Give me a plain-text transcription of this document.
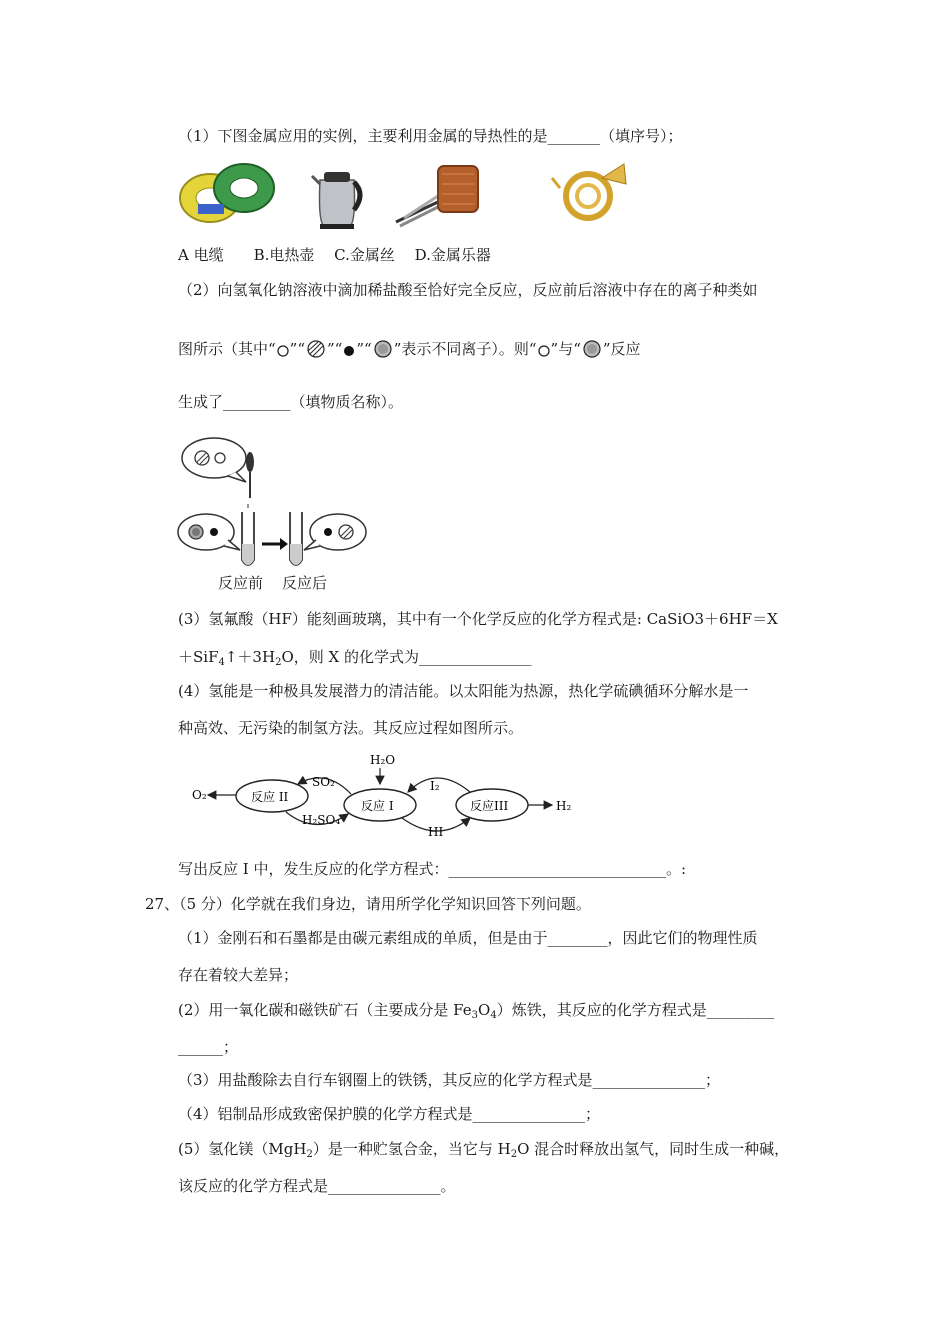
（1）下图金属应用的实例，主要利用金属的导热性的是_______（填序号）；
A 电缆　　B.电热壶　 C.金属丝　 D.金属乐器
（2）向氢氧化钠溶液中滴加稀盐酸至恰好完全反应，反应前后溶液中存在的离子种类如
图所示（其中“ ”“ ”“ ”“ ”表示不同离子）。则“ ”与“ ”反应
生成了_________（填物质名称）。
反应前 反应后
(3）氢氟酸（HF）能刻画玻璃，其中有一个化学反应的化学方程式是: CaSiO3＋6HF＝X
$+SiF_4↑+3H_2O$，则 X 的化学式为_______________
(4）氢能是一种极具发展潜力的清洁能。以太阳能为热源，热化学硫碘循环分解水是一
种高效、无污染的制氢方法。其反应过程如图所示。
H₂O
O₂	反应 II
反应 I	反应III
SO₂
H₂SO₄
I₂
HI
H₂
写出反应 I 中，发生反应的化学方程式：_____________________________。:
27、（5 分）化学就在我们身边，请用所学化学知识回答下列问题。
（1）金刚石和石墨都是由碳元素组成的单质，但是由于________，因此它们的物理性质
存在着较大差异；
(2）用一氧化碳和磁铁矿石（主要成分是 $Fe_3O_4$）炼铁，其反应的化学方程式是_________
______；
（3）用盐酸除去自行车钢圈上的铁锈，其反应的化学方程式是_______________；
（4）铝制品形成致密保护膜的化学方程式是_______________；
(5）氢化镁（MgH$_2$）是一种贮氢合金，当它与 $H_2O$ 混合时释放出氢气，同时生成一种碱，
该反应的化学方程式是_______________。
